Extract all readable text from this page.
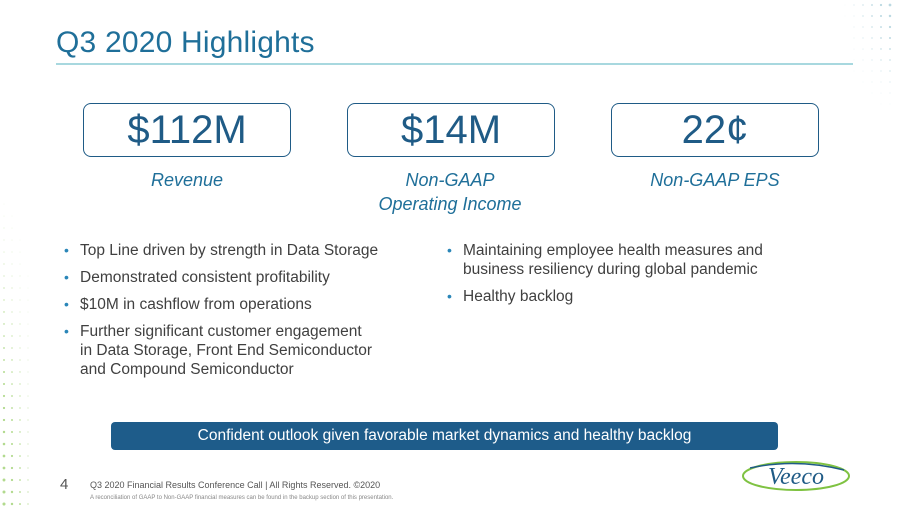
Q3 2020 Highlights
$112M	$14M	22¢
Revenue	Non-GAAP
Operating Income
Non-GAAP EPS
• Top Line driven by strength in Data Storage
• Demonstrated consistent profitability
• $10M in cashflow from operations
• Further significant customer engagement
in Data Storage, Front End Semiconductor
and Compound Semiconductor
• Maintaining employee health measures and
business resiliency during global pandemic
• Healthy backlog
Confident outlook given favorable market dynamics and healthy backlog
4 Q3 2020 Financial Results Conference Call | All Rights Reserved. ©2020
A reconciliation of GAAP to Non-GAAP financial measures can be found in the backup section of this presentation.
Veeco
